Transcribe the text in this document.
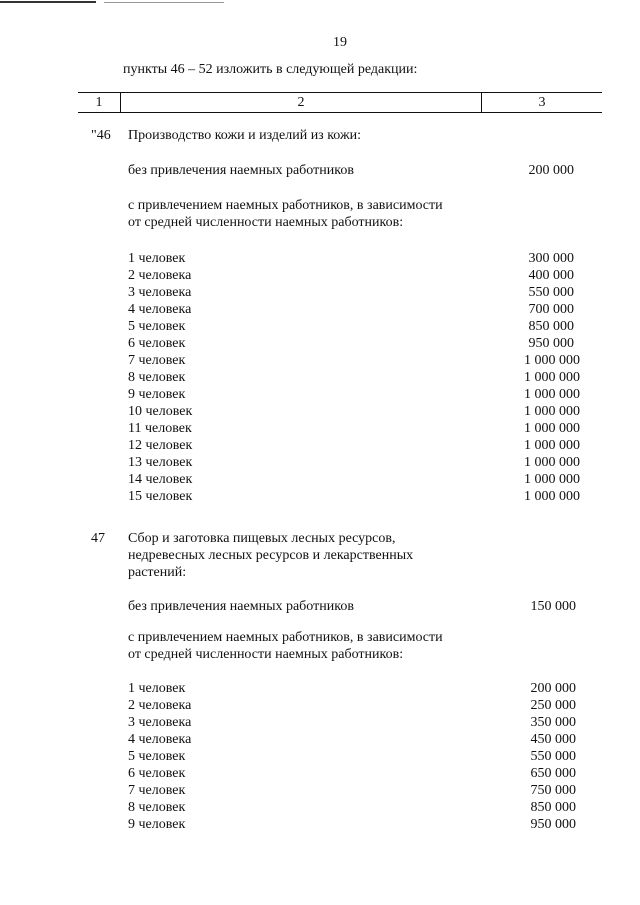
19
пункты 46 – 52 изложить в следующей редакции:
1	2	3
"46 Производство кожи и изделий из кожи:
без привлечения наемных работников	200 000
с привлечением наемных работников, в зависимости
от средней численности наемных работников:
1 человек	300 000
2 человека	400 000
3 человека	550 000
4 человека	700 000
5 человек	850 000
6 человек	950 000
7 человек	1 000 000
8 человек	1 000 000
9 человек	1 000 000
10 человек	1 000 000
11 человек	1 000 000
12 человек	1 000 000
13 человек	1 000 000
14 человек	1 000 000
15 человек	1 000 000
47 Сбор и заготовка пищевых лесных ресурсов,
недревесных лесных ресурсов и лекарственных
растений:
без привлечения наемных работников	150 000
с привлечением наемных работников, в зависимости
от средней численности наемных работников:
1 человек	200 000
2 человека	250 000
3 человека	350 000
4 человека	450 000
5 человек	550 000
6 человек	650 000
7 человек	750 000
8 человек	850 000
9 человек	950 000
